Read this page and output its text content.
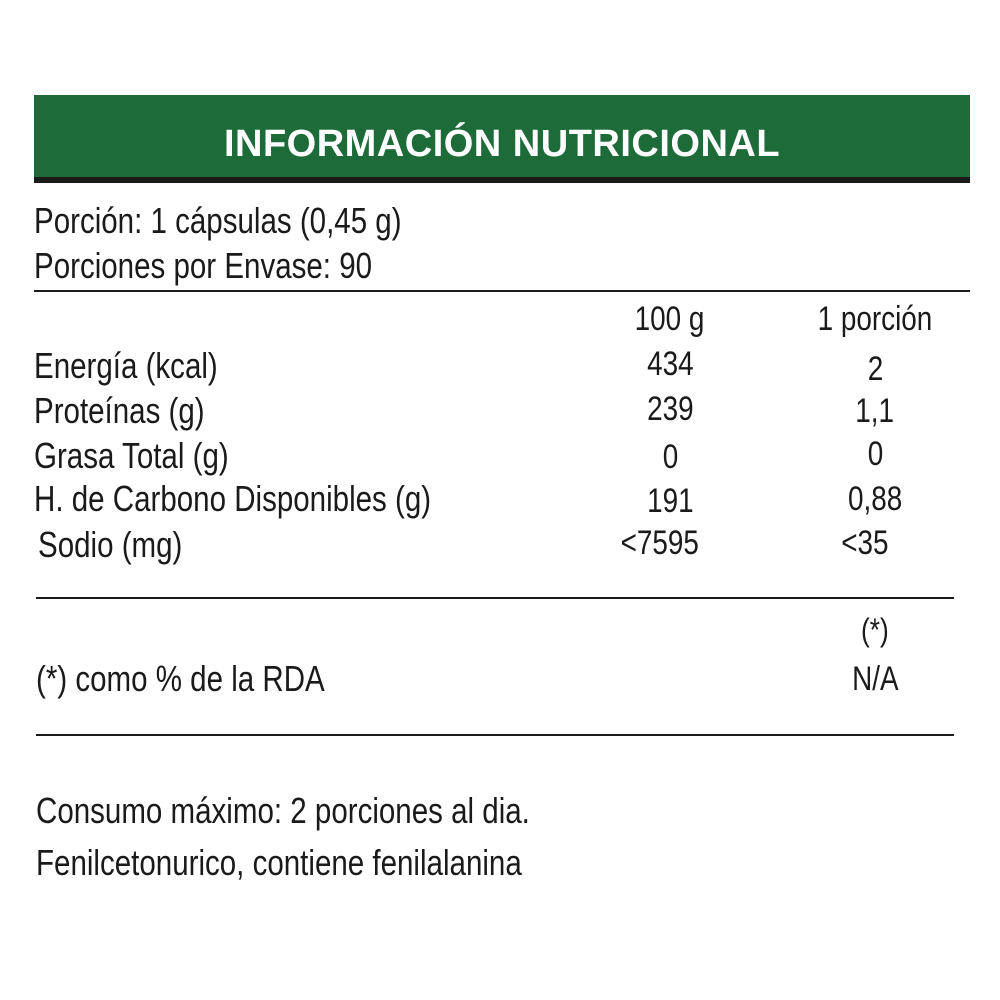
INFORMACIÓN NUTRICIONAL
Porción: 1 cápsulas (0,45 g)
Porciones por Envase: 90
100 g	1 porción
Energía (kcal)	434	2
Proteínas (g)	239	1,1
Grasa Total (g)	0	0
H. de Carbono Disponibles (g)	191	0,88
Sodio (mg)	<7595	<35
(*)
(*) como % de la RDA	N/A
Consumo máximo: 2 porciones al dia.
Fenilcetonurico, contiene fenilalanina
